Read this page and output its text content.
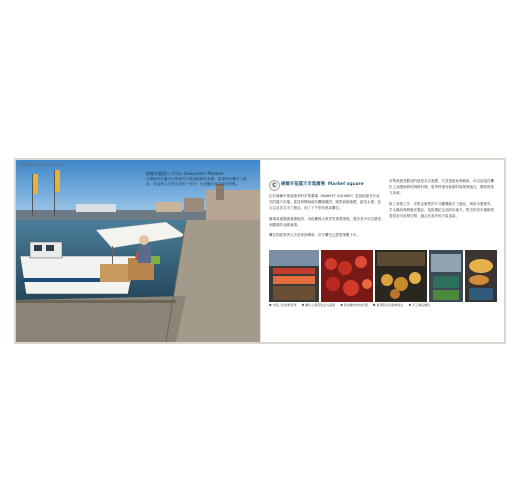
赫爾辛基港市港市港口風光
赫爾辛基港口 (City Quayside) Market
在碼頭旁的露天市集裡可以買到新鮮的漁獲、蔬果與各種手工藝品，是當地人日常生活的一部分，也是觀光客必訪的景點。	C 赫爾辛基露天市集廣場 Market square

位於赫爾辛基南港旁的市集廣場（MARKET SQUARE）是當地最具代表性的露天市場，從清晨開始就有攤販擺設，販售新鮮漁獲、蔬菜水果、花卉以及各式手工藝品，到了下午則有熱食攤位。

廣場周邊環繞著總統府、市政廳與大教堂等重要建築，漫步其中可以感受到濃厚的北歐風情。

攤位的經營者大多是家族傳承，許多攤位已經營業數十年。

市集裡最受歡迎的就是各式漁獲，尤其是鮭魚與鯡魚，可以直接在攤位上品嚐新鮮的海鮮料理。夏季時還有新鮮的莓果與豌豆，價格實惠又美味。

除了食物之外，市集也販售許多芬蘭傳統手工藝品，例如木製餐具、羊毛織品與馴鹿皮製品，是挑選紀念品的好地方。附近的老市場館則提供室內用餐空間，適合在寒冷的天氣造訪。

❶ 市集上的新鮮莓果 ❷ 攤位上販售的各式蔬果 ❸ 熱食攤的炸魚料理 ❹ 夏季限定的新鮮豌豆 ❺ 手工藝品攤位
